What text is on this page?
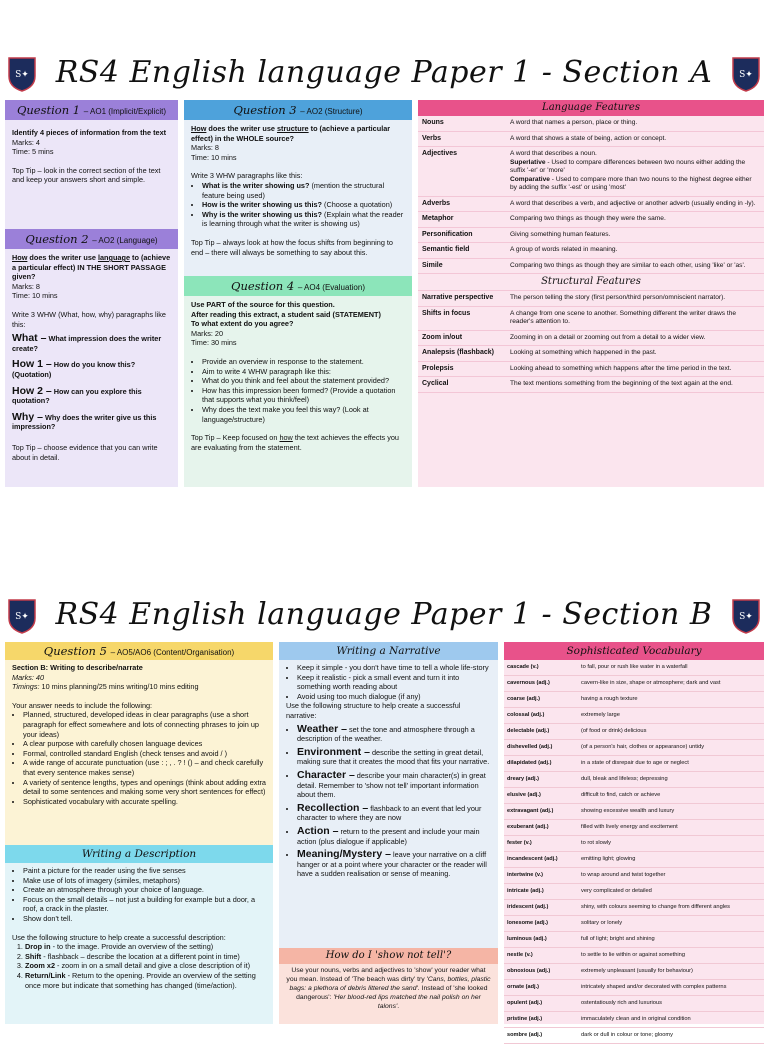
S✦	S✦
RS4 English language Paper 1 - Section A
Question 1 – AO1 (Implicit/Explicit)

Identify 4 pieces of information from the text

Marks: 4

Time: 5 mins

Top Tip – look in the correct section of the text and keep your answers short and simple.

Question 2 – AO2 (Language)

How does the writer use language to (achieve a particular effect) IN THE SHORT PASSAGE given?

Marks: 8

Time: 10 mins

Write 3 WHW (What, how, why) paragraphs like this:

What – What impression does the writer create?

How 1 – How do you know this? (Quotation)

How 2 – How can you explore this quotation?

Why – Why does the writer give us this impression?

Top Tip – choose evidence that you can write about in detail.

Question 3 – AO2 (Structure)

How does the writer use structure to (achieve a particular effect) in the WHOLE source?

Marks: 8

Time: 10 mins

Write 3 WHW paragraphs like this:

• What is the writer showing us? (mention the structural feature being used)
• How is the writer showing us this? (Choose a quotation)
• Why is the writer showing us this? (Explain what the reader is learning through what the writer is showing us)

Top Tip – always look at how the focus shifts from beginning to end – there will always be something to say about this.

Question 4 – AO4 (Evaluation)

Use PART of the source for this question.

After reading this extract, a student said (STATEMENT)

To what extent do you agree?

Marks: 20

Time: 30 mins

• Provide an overview in response to the statement.
• Aim to write 4 WHW paragraph like this:
• What do you think and feel about the statement provided?
• How has this impression been formed? (Provide a quotation that supports what you think/feel)
• Why does the text make you feel this way? (Look at language/structure)

Top Tip – Keep focused on how the text achieves the effects you are evaluating from the statement.

Language Features
Nouns	A word that names a person, place or thing.
Verbs	A word that shows a state of being, action or concept.
Adjectives	A word that describes a noun.
Superlative - Used to compare differences between two nouns either adding the suffix '-er' or 'more'
Comparative - Used to compare more than two nouns to the highest degree either by adding the suffix '-est' or using 'most'
Adverbs	A word that describes a verb, and adjective or another adverb (usually ending in -ly).
Metaphor	Comparing two things as though they were the same.
Personification	Giving something human features.
Semantic field	A group of words related in meaning.
Simile	Comparing two things as though they are similar to each other, using 'like' or 'as'.
Structural Features
Narrative perspective	The person telling the story (first person/third person/omniscient narrator).
Shifts in focus	A change from one scene to another. Something different the writer draws the reader's attention to.
Zoom in/out	Zooming in on a detail or zooming out from a detail to a wider view.
Analepsis (flashback)	Looking at something which happened in the past.
Prolepsis	Looking ahead to something which happens after the time period in the text.
Cyclical	The text mentions something from the beginning of the text again at the end.
S✦	S✦
RS4 English language Paper 1 - Section B
Question 5 – AO5/AO6 (Content/Organisation)

Section B: Writing to describe/narrate

Marks: 40

Timings: 10 mins planning/25 mins writing/10 mins editing

Your answer needs to include the following:

• Planned, structured, developed ideas in clear paragraphs (use a short paragraph for effect somewhere and lots of connecting phrases to join up your ideas)
• A clear purpose with carefully chosen language devices
• Formal, controlled standard English (check tenses and avoid / )
• A wide range of accurate punctuation (use : ; , . ? ! () – and check carefully that every sentence makes sense)
• A variety of sentence lengths, types and openings (think about adding extra detail to some sentences and making some very short sentences for effect)
• Sophisticated vocabulary with accurate spelling.
Writing a Description
• Paint a picture for the reader using the five senses
• Make use of lots of imagery (similes, metaphors)
• Create an atmosphere through your choice of language.
• Focus on the small details – not just a building for example but a door, a roof, a crack in the plaster.
• Show don't tell.

Use the following structure to help create a successful description:

1. Drop in - to the image. Provide an overview of the setting)
2. Shift - flashback – describe the location at a different point in time)
3. Zoom x2 - zoom in on a small detail and give a close description of it)
4. Return/Link - Return to the opening. Provide an overview of the setting once more but indicate that something has changed (time/action).
Writing a Narrative
• Keep it simple - you don't have time to tell a whole life-story
• Keep it realistic - pick a small event and turn it into something worth reading about
• Avoid using too much dialogue (if any)

Use the following structure to help create a successful narrative:

• Weather – set the tone and atmosphere through a description of the weather.
• Environment – describe the setting in great detail, making sure that it creates the mood that fits your narrative.
• Character – describe your main character(s) in great detail. Remember to 'show not tell' important information about them.
• Recollection – flashback to an event that led your character to where they are now
• Action – return to the present and include your main action (plus dialogue if applicable)
• Meaning/Mystery – leave your narrative on a cliff hanger or at a point where your character or the reader will have a sudden realisation or sense of meaning.
How do I 'show not tell'?
Use your nouns, verbs and adjectives to 'show' your reader what you mean. Instead of 'The beach was dirty' try 'Cans, bottles, plastic bags: a plethora of debris littered the sand'. Instead of 'she looked dangerous': 'Her blood-red lips matched the nail polish on her talons'.
Sophisticated Vocabulary
cascade (v.)	to fall, pour or rush like water in a waterfall
cavernous (adj.)	cavern-like in size, shape or atmosphere; dark and vast
coarse (adj.)	having a rough texture
colossal (adj.)	extremely large
delectable (adj.)	(of food or drink) delicious
dishevelled (adj.)	(of a person's hair, clothes or appearance) untidy
dilapidated (adj.)	in a state of disrepair due to age or neglect
dreary (adj.)	dull, bleak and lifeless; depressing
elusive (adj.)	difficult to find, catch or achieve
extravagant (adj.)	showing excessive wealth and luxury
exuberant (adj.)	filled with lively energy and excitement
fester (v.)	to rot slowly
incandescent (adj.)	emitting light; glowing
intertwine (v.)	to wrap around and twist together
intricate (adj.)	very complicated or detailed
iridescent (adj.)	shiny, with colours seeming to change from different angles
lonesome (adj.)	solitary or lonely
luminous (adj.)	full of light; bright and shining
nestle (v.)	to settle to lie within or against something
obnoxious (adj.)	extremely unpleasant (usually for behaviour)
ornate (adj.)	intricately shaped and/or decorated with complex patterns
opulent (adj.)	ostentatiously rich and luxurious
pristine (adj.)	immaculately clean and in original condition
sombre (adj.)	dark or dull in colour or tone; gloomy
